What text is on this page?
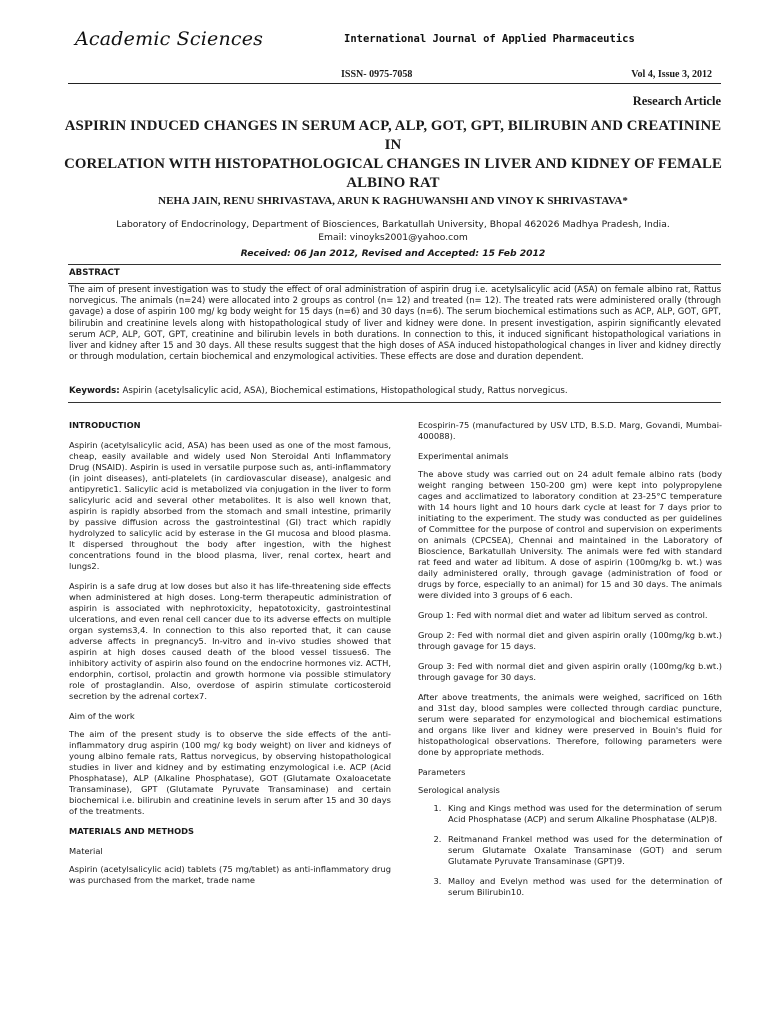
Academic Sciences	International Journal of Applied Pharmaceutics
ISSN- 0975-7058	Vol 4, Issue 3, 2012
Research Article
ASPIRIN INDUCED CHANGES IN SERUM ACP, ALP, GOT, GPT, BILIRUBIN AND CREATININE IN
CORELATION WITH HISTOPATHOLOGICAL CHANGES IN LIVER AND KIDNEY OF FEMALE
ALBINO RAT
NEHA JAIN, RENU SHRIVASTAVA, ARUN K RAGHUWANSHI AND VINOY K SHRIVASTAVA*
Laboratory of Endocrinology, Department of Biosciences, Barkatullah University, Bhopal 462026 Madhya Pradesh, India.
Email: vinoyks2001@yahoo.com
Received: 06 Jan 2012, Revised and Accepted: 15 Feb 2012
ABSTRACT

The aim of present investigation was to study the effect of oral administration of aspirin drug i.e. acetylsalicylic acid (ASA) on female albino rat, Rattus norvegicus. The animals (n=24) were allocated into 2 groups as control (n= 12) and treated (n= 12). The treated rats were administered orally (through gavage) a dose of aspirin 100 mg/ kg body weight for 15 days (n=6) and 30 days (n=6). The serum biochemical estimations such as ACP, ALP, GOT, GPT, bilirubin and creatinine levels along with histopathological study of liver and kidney were done. In present investigation, aspirin significantly elevated serum ACP, ALP, GOT, GPT, creatinine and bilirubin levels in both durations. In connection to this, it induced significant histopathological variations in liver and kidney after 15 and 30 days. All these results suggest that the high doses of ASA induced histopathological changes in liver and kidney directly or through modulation, certain biochemical and enzymological activities. These effects are dose and duration dependent.

Keywords: Aspirin (acetylsalicylic acid, ASA), Biochemical estimations, Histopathological study, Rattus norvegicus.
INTRODUCTION

Aspirin (acetylsalicylic acid, ASA) has been used as one of the most famous, cheap, easily available and widely used Non Steroidal Anti Inflammatory Drug (NSAID). Aspirin is used in versatile purpose such as, anti-inflammatory (in joint diseases), anti-platelets (in cardiovascular disease), analgesic and antipyretic1. Salicylic acid is metabolized via conjugation in the liver to form salicyluric acid and several other metabolites. It is also well known that, aspirin is rapidly absorbed from the stomach and small intestine, primarily by passive diffusion across the gastrointestinal (GI) tract which rapidly hydrolyzed to salicylic acid by esterase in the GI mucosa and blood plasma. It dispersed throughout the body after ingestion, with the highest concentrations found in the blood plasma, liver, renal cortex, heart and lungs2.

Aspirin is a safe drug at low doses but also it has life-threatening side effects when administered at high doses. Long-term therapeutic administration of aspirin is associated with nephrotoxicity, hepatotoxicity, gastrointestinal ulcerations, and even renal cell cancer due to its adverse effects on multiple organ systems3,4. In connection to this also reported that, it can cause adverse affects in pregnancy5. In-vitro and in-vivo studies showed that aspirin at high doses caused death of the blood vessel tissues6. The inhibitory activity of aspirin also found on the endocrine hormones viz. ACTH, endorphin, cortisol, prolactin and growth hormone via possible stimulatory role of prostaglandin. Also, overdose of aspirin stimulate corticosteroid secretion by the adrenal cortex7.

Aim of the work

The aim of the present study is to observe the side effects of the anti-inflammatory drug aspirin (100 mg/ kg body weight) on liver and kidneys of young albino female rats, Rattus norvegicus, by observing histopathological studies in liver and kidney and by estimating enzymological i.e. ACP (Acid Phosphatase), ALP (Alkaline Phosphatase), GOT (Glutamate Oxaloacetate Transaminase), GPT (Glutamate Pyruvate Transaminase) and certain biochemical i.e. bilirubin and creatinine levels in serum after 15 and 30 days of the treatments.

MATERIALS AND METHODS
Material

Aspirin (acetylsalicylic acid) tablets (75 mg/tablet) as anti-inflammatory drug was purchased from the market, trade name

Ecospirin-75 (manufactured by USV LTD, B.S.D. Marg, Govandi, Mumbai-400088).

Experimental animals

The above study was carried out on 24 adult female albino rats (body weight ranging between 150-200 gm) were kept into polypropylene cages and acclimatized to laboratory condition at 23-25°C temperature with 14 hours light and 10 hours dark cycle at least for 7 days prior to initiating to the experiment. The study was conducted as per guidelines of Committee for the purpose of control and supervision on experiments on animals (CPCSEA), Chennai and maintained in the Laboratory of Bioscience, Barkatullah University. The animals were fed with standard rat feed and water ad libitum. A dose of aspirin (100mg/kg b. wt.) was daily administered orally, through gavage (administration of food or drugs by force, especially to an animal) for 15 and 30 days. The animals were divided into 3 groups of 6 each.

Group 1: Fed with normal diet and water ad libitum served as control.
Group 2: Fed with normal diet and given aspirin orally (100mg/kg b.wt.) through gavage for 15 days.
Group 3: Fed with normal diet and given aspirin orally (100mg/kg b.wt.) through gavage for 30 days.

After above treatments, the animals were weighed, sacrificed on 16th and 31st day, blood samples were collected through cardiac puncture, serum were separated for enzymological and biochemical estimations and organs like liver and kidney were preserved in Bouin's fluid for histopathological observations. Therefore, following parameters were done by appropriate methods.

Parameters
Serological analysis
1. King and Kings method was used for the determination of serum Acid Phosphatase (ACP) and serum Alkaline Phosphatase (ALP)8.
2. Reitmanand Frankel method was used for the determination of serum Glutamate Oxalate Transaminase (GOT) and serum Glutamate Pyruvate Transaminase (GPT)9.
3. Malloy and Evelyn method was used for the determination of serum Bilirubin10.
